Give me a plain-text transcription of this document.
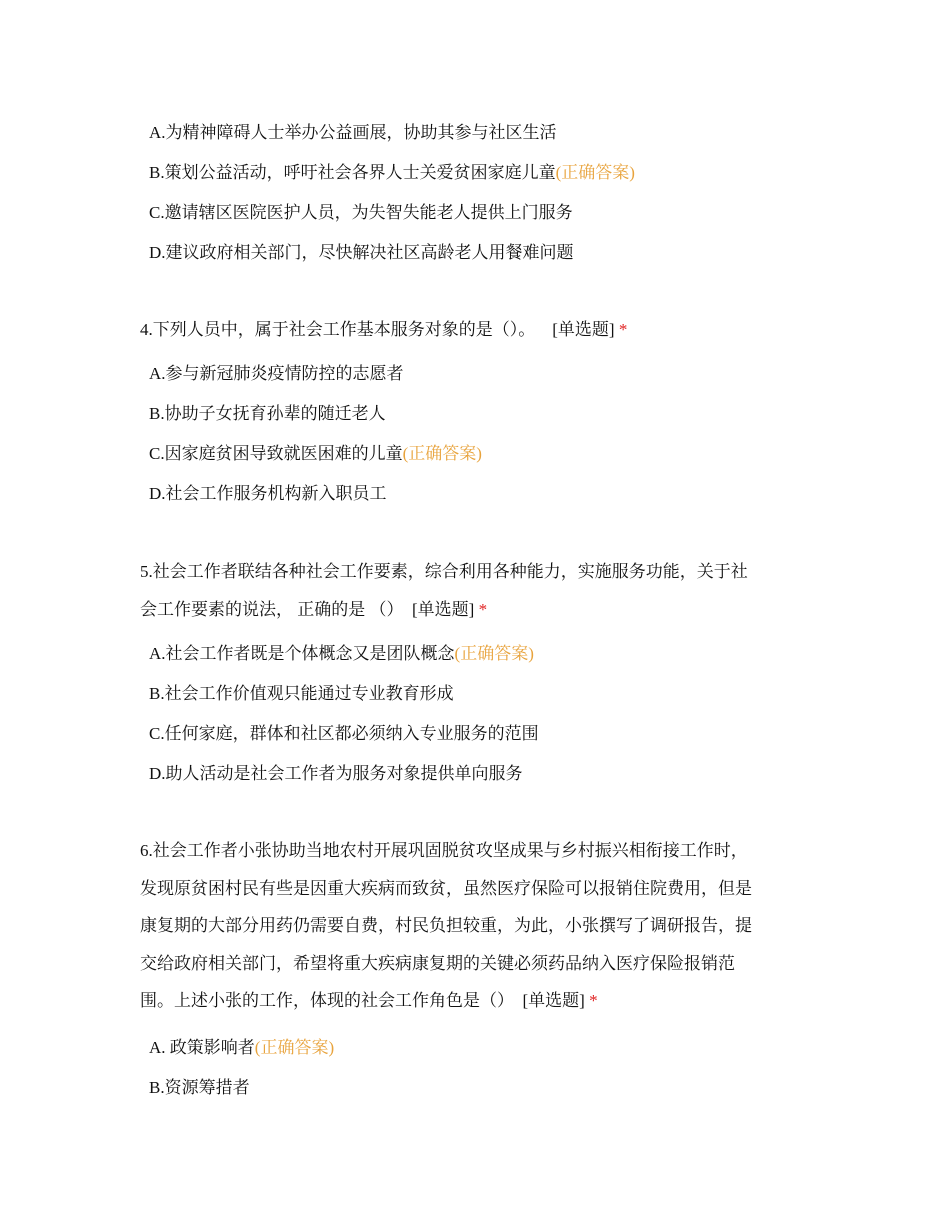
A.为精神障碍人士举办公益画展，协助其参与社区生活
B.策划公益活动，呼吁社会各界人士关爱贫困家庭儿童(正确答案)
C.邀请辖区医院医护人员，为失智失能老人提供上门服务
D.建议政府相关部门，尽快解决社区高龄老人用餐难问题
4.下列人员中，属于社会工作基本服务对象的是（）。  [单选题] *
A.参与新冠肺炎疫情防控的志愿者
B.协助子女抚育孙辈的随迁老人
C.因家庭贫困导致就医困难的儿童(正确答案)
D.社会工作服务机构新入职员工
5.社会工作者联结各种社会工作要素，综合利用各种能力，实施服务功能，关于社
会工作要素的说法， 正确的是 （）  [单选题] *
A.社会工作者既是个体概念又是团队概念(正确答案)
B.社会工作价值观只能通过专业教育形成
C.任何家庭，群体和社区都必须纳入专业服务的范围
D.助人活动是社会工作者为服务对象提供单向服务
6.社会工作者小张协助当地农村开展巩固脱贫攻坚成果与乡村振兴相衔接工作时，
发现原贫困村民有些是因重大疾病而致贫，虽然医疗保险可以报销住院费用，但是
康复期的大部分用药仍需要自费，村民负担较重，为此，小张撰写了调研报告，提
交给政府相关部门，希望将重大疾病康复期的关键必须药品纳入医疗保险报销范
围。上述小张的工作，体现的社会工作角色是（）  [单选题] *
A. 政策影响者(正确答案)
B.资源筹措者
